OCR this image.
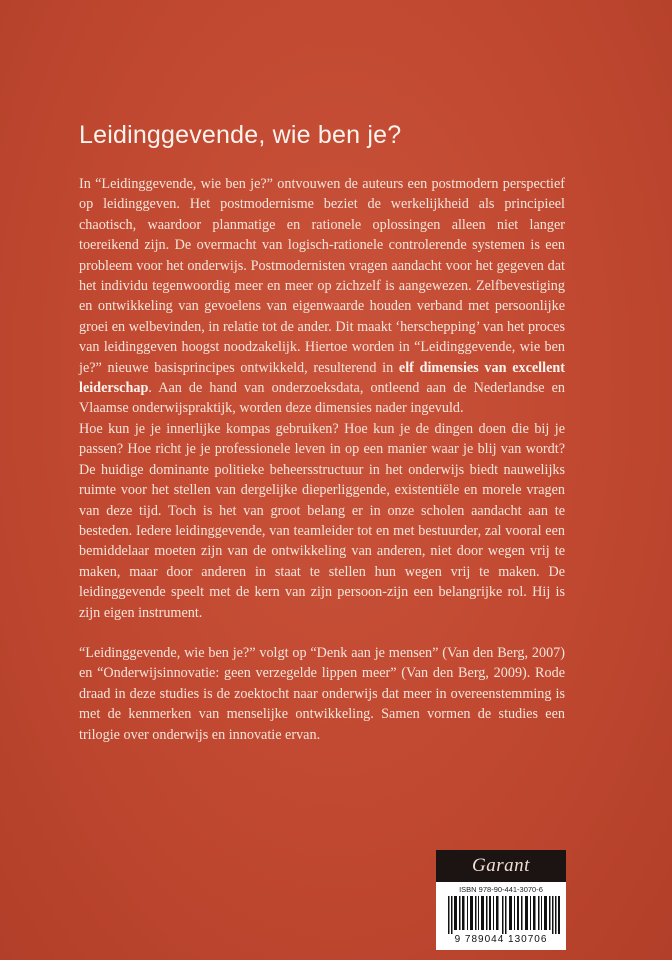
Leidinggevende, wie ben je?

In “Leidinggevende, wie ben je?” ontvouwen de auteurs een postmodern perspectief op leidinggeven. Het postmodernisme beziet de werkelijkheid als principieel chaotisch, waardoor planmatige en rationele oplossingen alleen niet langer toereikend zijn. De overmacht van logisch-rationele controlerende systemen is een probleem voor het onderwijs. Postmodernisten vragen aandacht voor het gegeven dat het individu tegenwoordig meer en meer op zichzelf is aangewezen. Zelfbevestiging en ontwikkeling van gevoelens van eigenwaarde houden verband met persoonlijke groei en welbevinden, in relatie tot de ander. Dit maakt ‘herschepping’ van het proces van leidinggeven hoogst noodzakelijk. Hiertoe worden in “Leidinggevende, wie ben je?” nieuwe basisprincipes ontwikkeld, resulterend in elf dimensies van excellent leiderschap. Aan de hand van onderzoeksdata, ontleend aan de Nederlandse en Vlaamse onderwijspraktijk, worden deze dimensies nader ingevuld.

Hoe kun je je innerlijke kompas gebruiken? Hoe kun je de dingen doen die bij je passen? Hoe richt je je professionele leven in op een manier waar je blij van wordt? De huidige dominante politieke beheersstructuur in het onderwijs biedt nauwelijks ruimte voor het stellen van dergelijke dieperliggende, existentiële en morele vragen van deze tijd. Toch is het van groot belang er in onze scholen aandacht aan te besteden. Iedere leidinggevende, van teamleider tot en met bestuurder, zal vooral een bemiddelaar moeten zijn van de ontwikkeling van anderen, niet door wegen vrij te maken, maar door anderen in staat te stellen hun wegen vrij te maken. De leidinggevende speelt met de kern van zijn persoon-zijn een belangrijke rol. Hij is zijn eigen instrument.

“Leidinggevende, wie ben je?” volgt op “Denk aan je mensen” (Van den Berg, 2007) en “Onderwijsinnovatie: geen verzegelde lippen meer” (Van den Berg, 2009). Rode draad in deze studies is de zoektocht naar onderwijs dat meer in overeenstemming is met de kenmerken van menselijke ontwikkeling. Samen vormen de studies een trilogie over onderwijs en innovatie ervan.

Garant
ISBN 978-90-441-3070-6
9 789044 130706
